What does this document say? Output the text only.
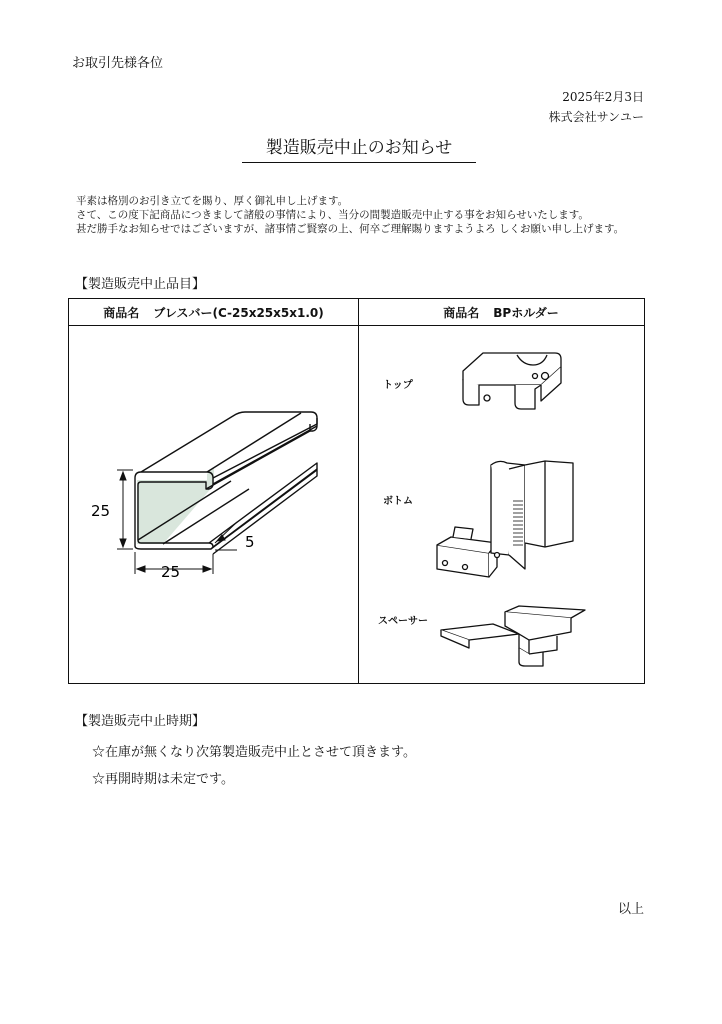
お取引先様各位
2025年2月3日
株式会社サンユー
製造販売中止のお知らせ
平素は格別のお引き立てを賜り、厚く御礼申し上げます。
さて、この度下記商品につきまして諸般の事情により、当分の間製造販売中止する事をお知らせいたします。
甚だ勝手なお知らせではございますが、諸事情ご賢察の上、何卒ご理解賜りますようよろ しくお願い申し上げます。
【製造販売中止品目】
商品名 ブレスバー(C-25x25x5x1.0)	商品名 BPホルダー
25
25
5
トップ
ボトム
スペーサー
【製造販売中止時期】
☆在庫が無くなり次第製造販売中止とさせて頂きます。
☆再開時期は未定です。
以上
